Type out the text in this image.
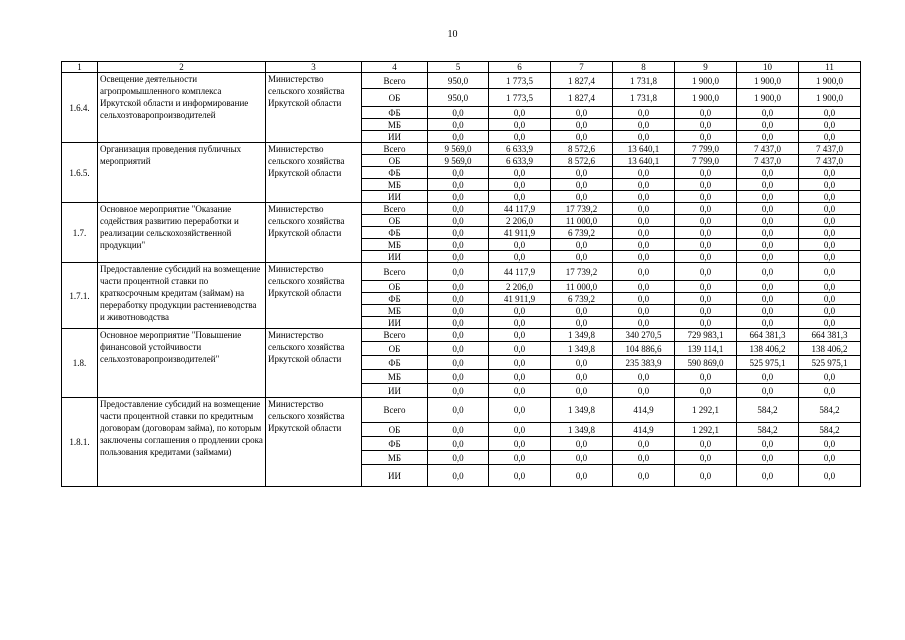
10
1	2	3	4	5	6	7	8	9	10	11
1.6.4.	Освещение деятельности агропромышленного комплекса Иркутской области и информирование сельхозтоваропроизводителей	Министерство сельского хозяйства Иркутской области	Всего	950,0	1 773,5	1 827,4	1 731,8	1 900,0	1 900,0	1 900,0
			ОБ	950,0	1 773,5	1 827,4	1 731,8	1 900,0	1 900,0	1 900,0
			ФБ	0,0	0,0	0,0	0,0	0,0	0,0	0,0
			МБ	0,0	0,0	0,0	0,0	0,0	0,0	0,0
			ИИ	0,0	0,0	0,0	0,0	0,0	0,0	0,0
1.6.5.	Организация проведения публичных мероприятий	Министерство сельского хозяйства Иркутской области	Всего	9 569,0	6 633,9	8 572,6	13 640,1	7 799,0	7 437,0	7 437,0
			ОБ	9 569,0	6 633,9	8 572,6	13 640,1	7 799,0	7 437,0	7 437,0
			ФБ	0,0	0,0	0,0	0,0	0,0	0,0	0,0
			МБ	0,0	0,0	0,0	0,0	0,0	0,0	0,0
			ИИ	0,0	0,0	0,0	0,0	0,0	0,0	0,0
1.7.	Основное мероприятие "Оказание содействия развитию переработки и реализации сельскохозяйственной продукции"	Министерство сельского хозяйства Иркутской области	Всего	0,0	44 117,9	17 739,2	0,0	0,0	0,0	0,0
			ОБ	0,0	2 206,0	11 000,0	0,0	0,0	0,0	0,0
			ФБ	0,0	41 911,9	6 739,2	0,0	0,0	0,0	0,0
			МБ	0,0	0,0	0,0	0,0	0,0	0,0	0,0
			ИИ	0,0	0,0	0,0	0,0	0,0	0,0	0,0
1.7.1.	Предоставление субсидий на возмещение части процентной ставки по краткосрочным кредитам (займам) на переработку продукции растениеводства и животноводства	Министерство сельского хозяйства Иркутской области	Всего	0,0	44 117,9	17 739,2	0,0	0,0	0,0	0,0
			ОБ	0,0	2 206,0	11 000,0	0,0	0,0	0,0	0,0
			ФБ	0,0	41 911,9	6 739,2	0,0	0,0	0,0	0,0
			МБ	0,0	0,0	0,0	0,0	0,0	0,0	0,0
			ИИ	0,0	0,0	0,0	0,0	0,0	0,0	0,0
1.8.	Основное мероприятие "Повышение финансовой устойчивости сельхозтоваропроизводителей"	Министерство сельского хозяйства Иркутской области	Всего	0,0	0,0	1 349,8	340 270,5	729 983,1	664 381,3	664 381,3
			ОБ	0,0	0,0	1 349,8	104 886,6	139 114,1	138 406,2	138 406,2
			ФБ	0,0	0,0	0,0	235 383,9	590 869,0	525 975,1	525 975,1
			МБ	0,0	0,0	0,0	0,0	0,0	0,0	0,0
			ИИ	0,0	0,0	0,0	0,0	0,0	0,0	0,0
1.8.1.	Предоставление субсидий на возмещение части процентной ставки по кредитным договорам (договорам займа), по которым заключены соглашения о продлении срока пользования кредитами (займами)	Министерство сельского хозяйства Иркутской области	Всего	0,0	0,0	1 349,8	414,9	1 292,1	584,2	584,2
			ОБ	0,0	0,0	1 349,8	414,9	1 292,1	584,2	584,2
			ФБ	0,0	0,0	0,0	0,0	0,0	0,0	0,0
			МБ	0,0	0,0	0,0	0,0	0,0	0,0	0,0
			ИИ	0,0	0,0	0,0	0,0	0,0	0,0	0,0
